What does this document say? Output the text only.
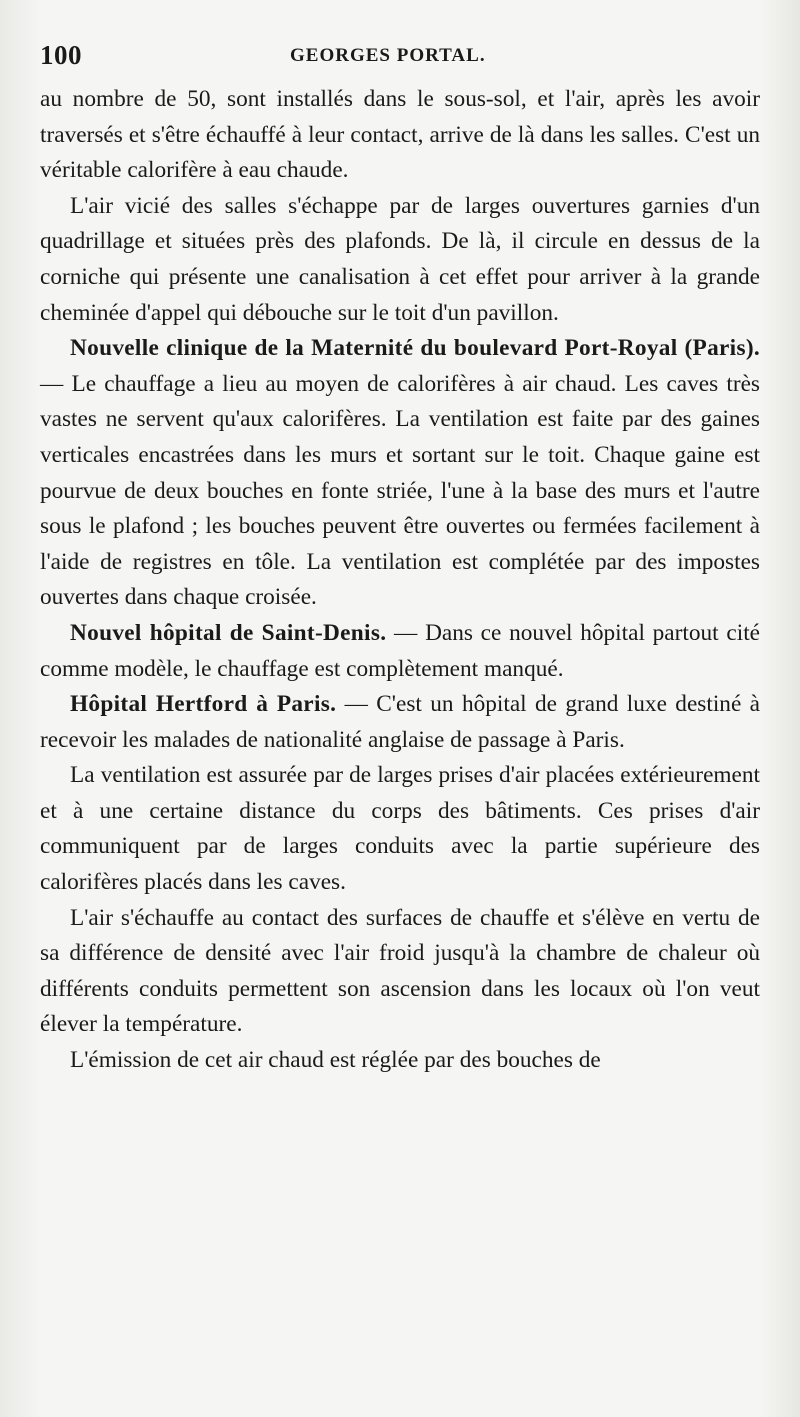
100	GEORGES PORTAL.

au nombre de 50, sont installés dans le sous-sol, et l'air, après les avoir traversés et s'être échauffé à leur contact, arrive de là dans les salles. C'est un véritable calorifère à eau chaude.

L'air vicié des salles s'échappe par de larges ouvertures garnies d'un quadrillage et situées près des plafonds. De là, il circule en dessus de la corniche qui présente une canalisation à cet effet pour arriver à la grande cheminée d'appel qui débouche sur le toit d'un pavillon.

Nouvelle clinique de la Maternité du boulevard Port-Royal (Paris). — Le chauffage a lieu au moyen de calorifères à air chaud. Les caves très vastes ne servent qu'aux calorifères. La ventilation est faite par des gaines verticales encastrées dans les murs et sortant sur le toit. Chaque gaine est pourvue de deux bouches en fonte striée, l'une à la base des murs et l'autre sous le plafond ; les bouches peuvent être ouvertes ou fermées facilement à l'aide de registres en tôle. La ventilation est complétée par des impostes ouvertes dans chaque croisée.

Nouvel hôpital de Saint-Denis. — Dans ce nouvel hôpital partout cité comme modèle, le chauffage est complètement manqué.

Hôpital Hertford à Paris. — C'est un hôpital de grand luxe destiné à recevoir les malades de nationalité anglaise de passage à Paris.

La ventilation est assurée par de larges prises d'air placées extérieurement et à une certaine distance du corps des bâtiments. Ces prises d'air communiquent par de larges conduits avec la partie supérieure des calorifères placés dans les caves.

L'air s'échauffe au contact des surfaces de chauffe et s'élève en vertu de sa différence de densité avec l'air froid jusqu'à la chambre de chaleur où différents conduits permettent son ascension dans les locaux où l'on veut élever la température.

L'émission de cet air chaud est réglée par des bouches de
